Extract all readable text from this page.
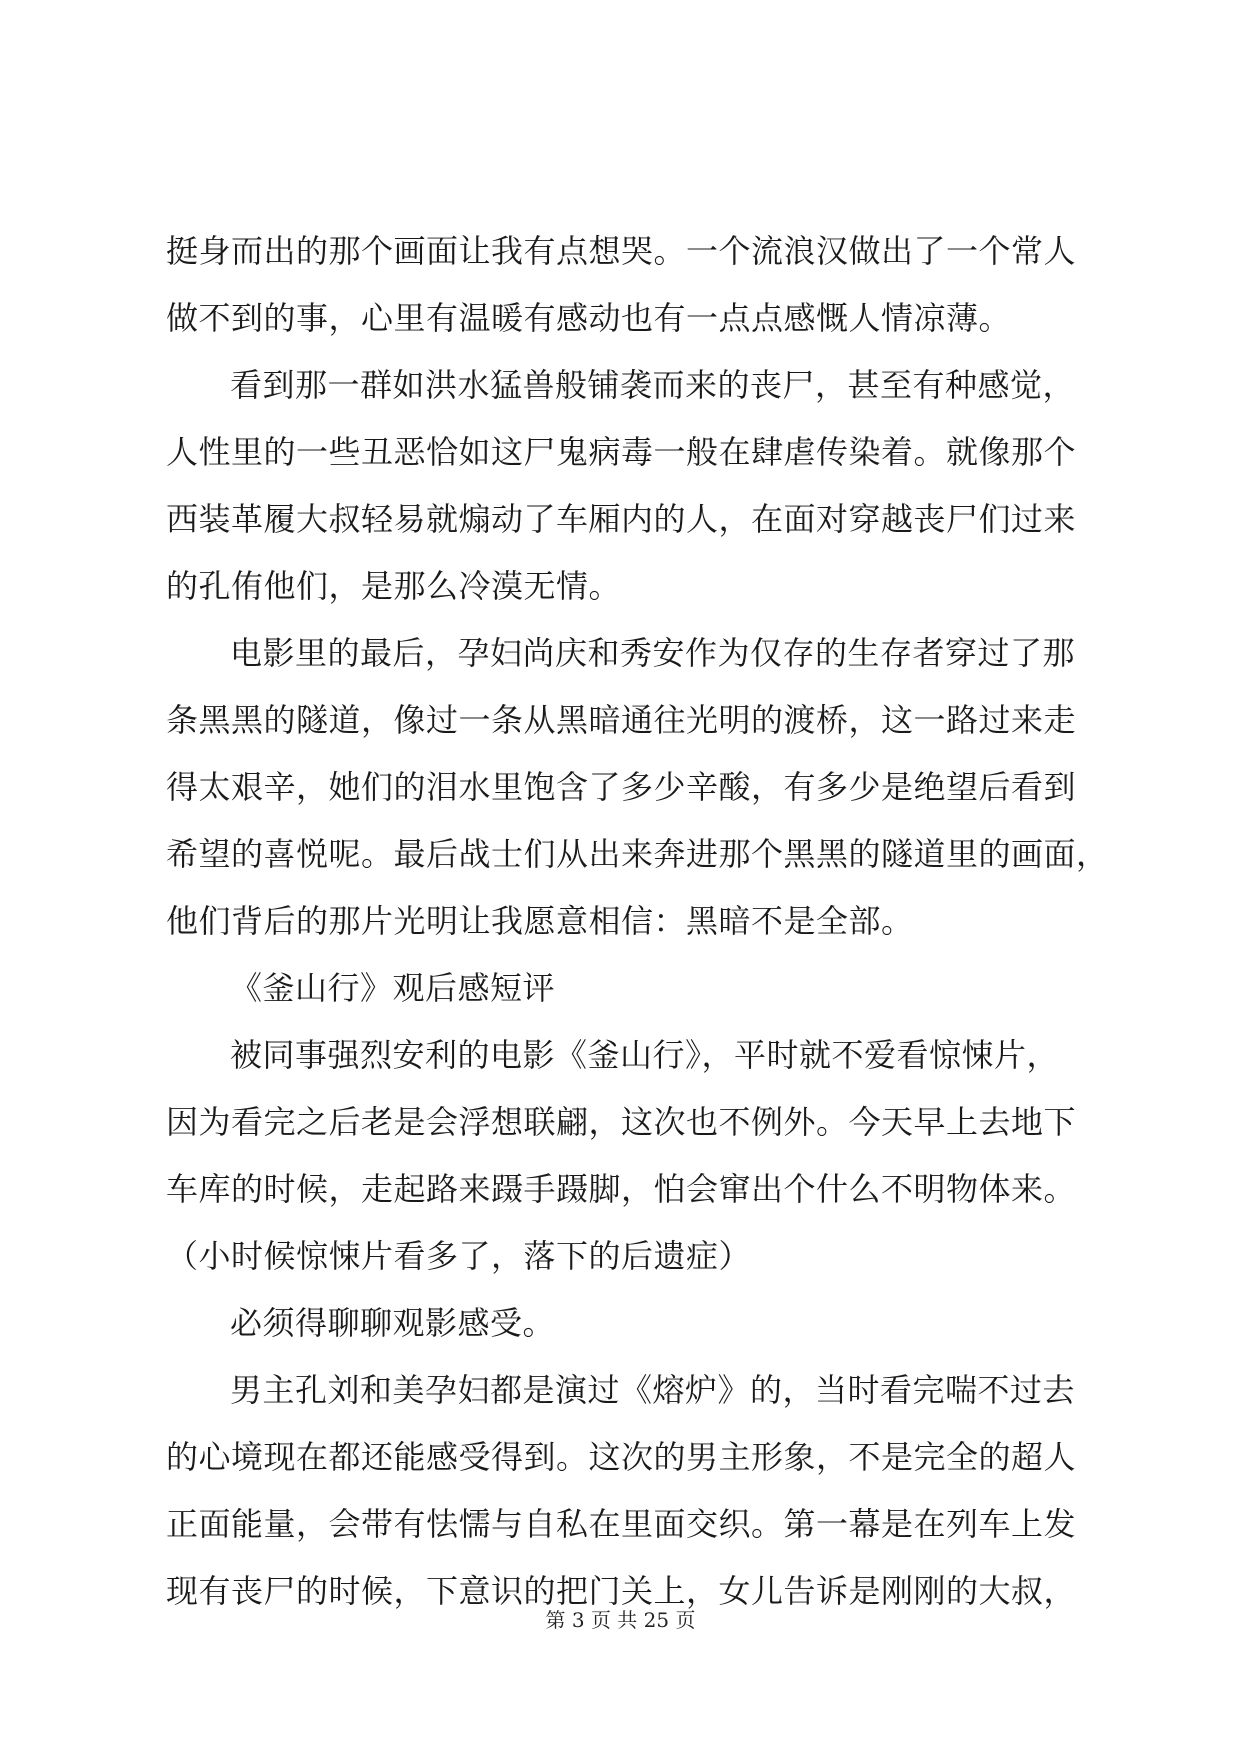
挺身而出的那个画面让我有点想哭。一个流浪汉做出了一个常人
做不到的事，心里有温暖有感动也有一点点感慨人情凉薄。
看到那一群如洪水猛兽般铺袭而来的丧尸，甚至有种感觉，
人性里的一些丑恶恰如这尸鬼病毒一般在肆虐传染着。就像那个
西装革履大叔轻易就煽动了车厢内的人，在面对穿越丧尸们过来
的孔侑他们，是那么冷漠无情。
电影里的最后，孕妇尚庆和秀安作为仅存的生存者穿过了那
条黑黑的隧道，像过一条从黑暗通往光明的渡桥，这一路过来走
得太艰辛，她们的泪水里饱含了多少辛酸，有多少是绝望后看到
希望的喜悦呢。最后战士们从出来奔进那个黑黑的隧道里的画面，
他们背后的那片光明让我愿意相信：黑暗不是全部。
《釜山行》观后感短评
被同事强烈安利的电影《釜山行》，平时就不爱看惊悚片，
因为看完之后老是会浮想联翩，这次也不例外。今天早上去地下
车库的时候，走起路来蹑手蹑脚，怕会窜出个什么不明物体来。
（小时候惊悚片看多了，落下的后遗症）
必须得聊聊观影感受。
男主孔刘和美孕妇都是演过《熔炉》的，当时看完喘不过去
的心境现在都还能感受得到。这次的男主形象，不是完全的超人
正面能量，会带有怯懦与自私在里面交织。第一幕是在列车上发
现有丧尸的时候，下意识的把门关上，女儿告诉是刚刚的大叔，
第 3 页 共 25 页
